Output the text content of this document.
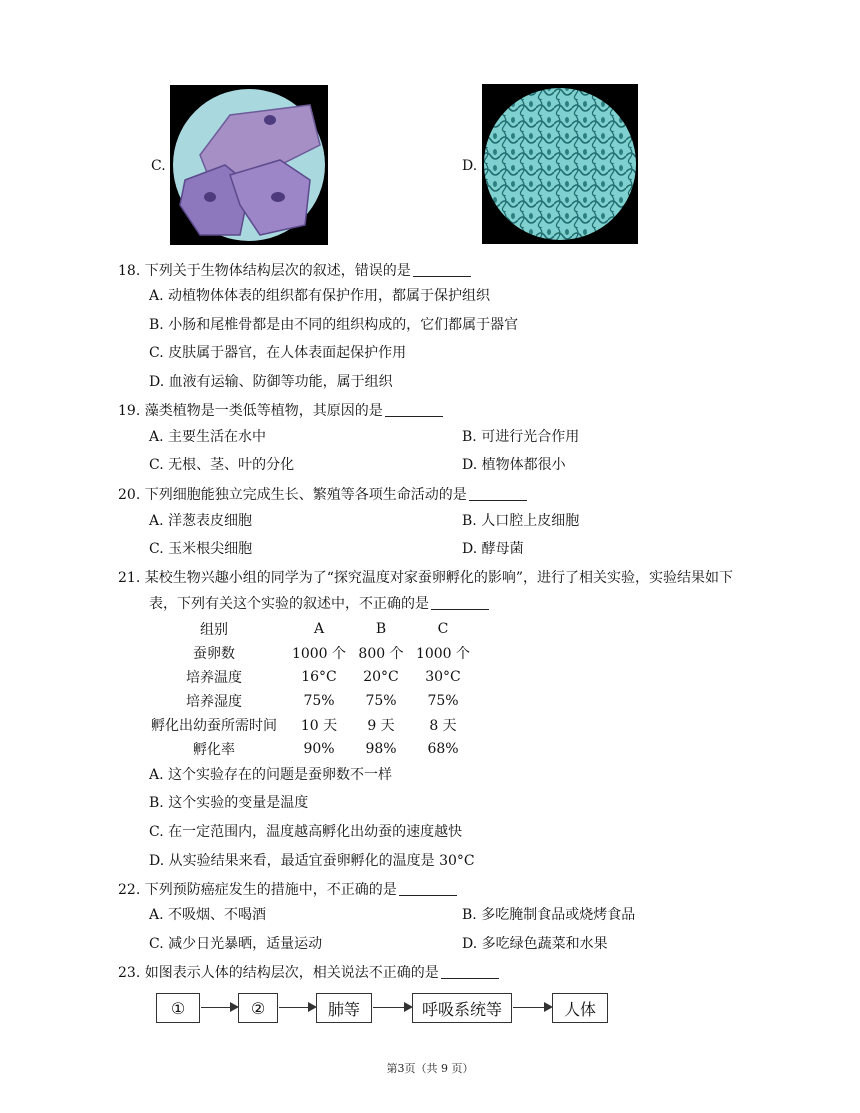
C.	D.
18. 下列关于生物体结构层次的叙述，错误的是
A. 动植物体体表的组织都有保护作用，都属于保护组织
B. 小肠和尾椎骨都是由不同的组织构成的，它们都属于器官
C. 皮肤属于器官，在人体表面起保护作用
D. 血液有运输、防御等功能，属于组织
19. 藻类植物是一类低等植物，其原因的是
A. 主要生活在水中	B. 可进行光合作用
C. 无根、茎、叶的分化	D. 植物体都很小
20. 下列细胞能独立完成生长、繁殖等各项生命活动的是
A. 洋葱表皮细胞	B. 人口腔上皮细胞
C. 玉米根尖细胞	D. 酵母菌
21. 某校生物兴趣小组的同学为了“探究温度对家蚕卵孵化的影响”，进行了相关实验，实验结果如下
表，下列有关这个实验的叙述中，不正确的是
组别	A	B	C
蚕卵数	1000 个	800 个	1000 个
培养温度	16°C	20°C	30°C
培养湿度	75%	75%	75%
孵化出幼蚕所需时间	10 天	9 天	8 天
孵化率	90%	98%	68%
A. 这个实验存在的问题是蚕卵数不一样
B. 这个实验的变量是温度
C. 在一定范围内，温度越高孵化出幼蚕的速度越快
D. 从实验结果来看，最适宜蚕卵孵化的温度是 30°C
22. 下列预防癌症发生的措施中，不正确的是
A. 不吸烟、不喝酒	B. 多吃腌制食品或烧烤食品
C. 减少日光暴晒，适量运动	D. 多吃绿色蔬菜和水果
23. 如图表示人体的结构层次，相关说法不正确的是
①	②	肺等	呼吸系统等	人体
第3页（共 9 页）
